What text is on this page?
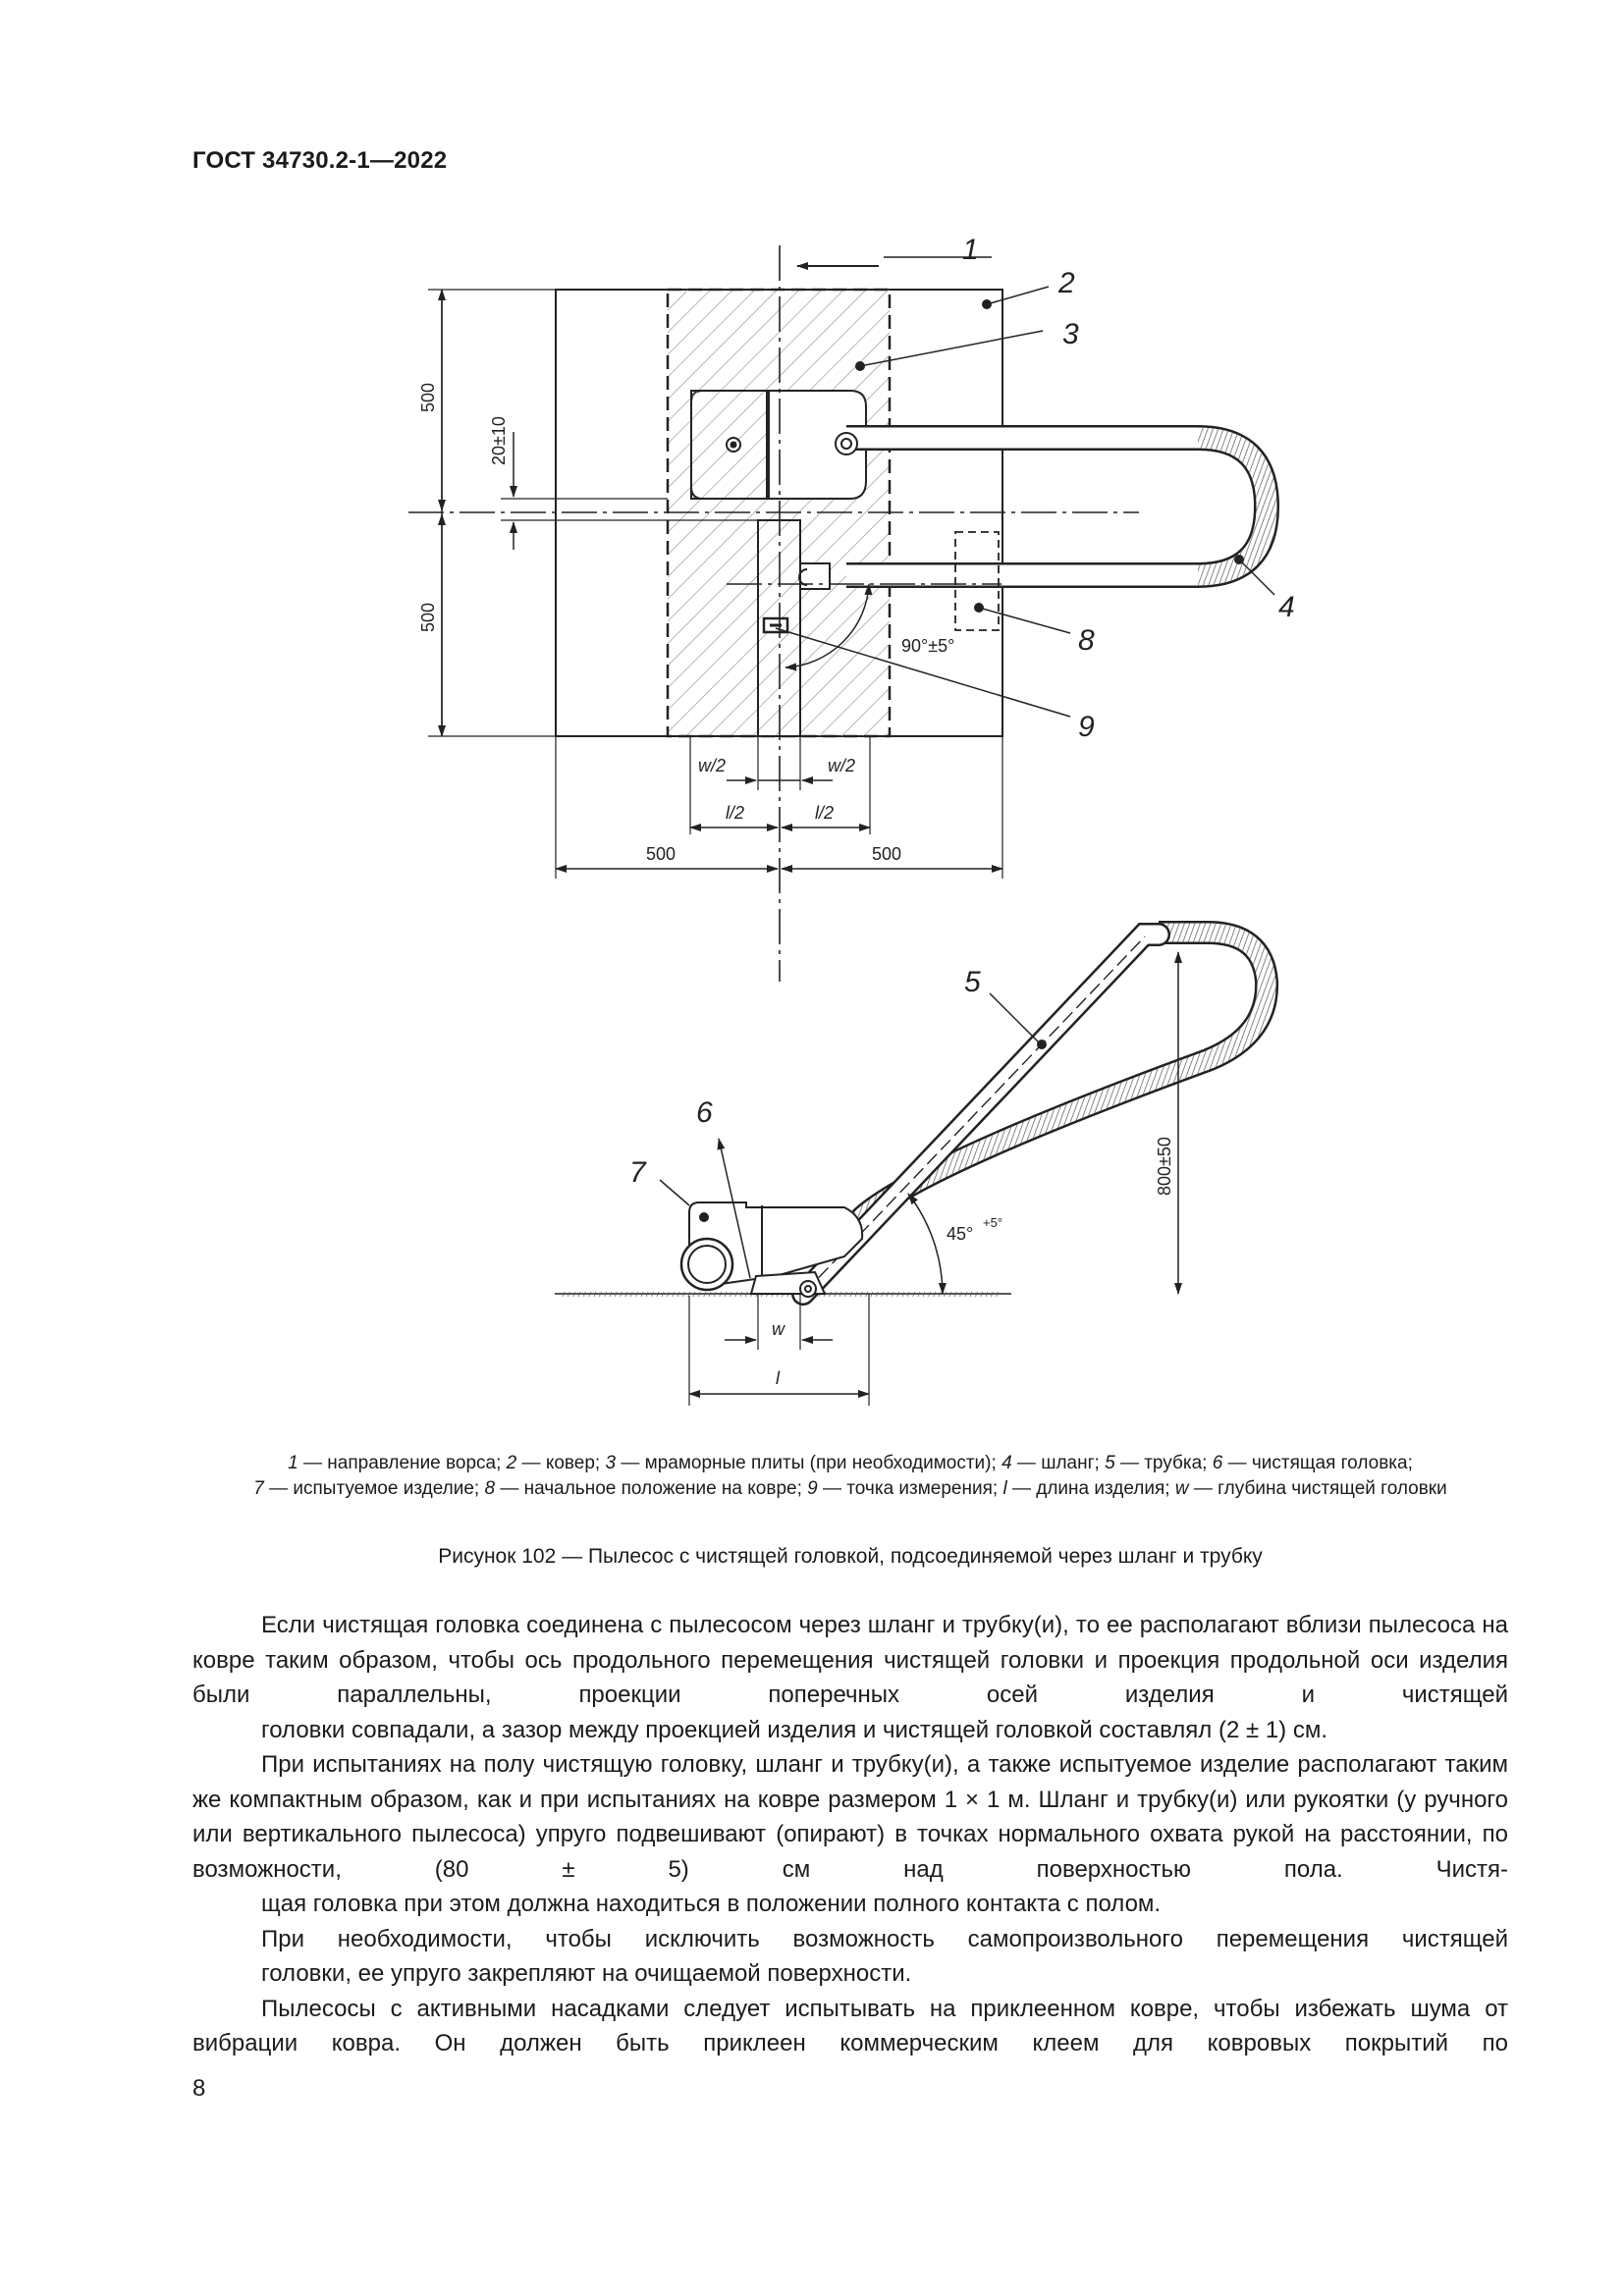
ГОСТ 34730.2-1—2022
1
2
3
4
8
9
500
500
20±10
w/2	w/2
l/2	l/2
500	500
90°±5°
5
6
7
45°
+5°
800±50
w
l
1 — направление ворса; 2 — ковер; 3 — мраморные плиты (при необходимости); 4 — шланг; 5 — трубка; 6 — чистящая головка;
7 — испытуемое изделие; 8 — начальное положение на ковре; 9 — точка измерения; l — длина изделия; w — глубина чистящей головки
Рисунок 102 — Пылесос с чистящей головкой, подсоединяемой через шланг и трубку

Если чистящая головка соединена с пылесосом через шланг и трубку(и), то ее располагают вблизи пылесоса на ковре таким образом, чтобы ось продольного перемещения чистящей головки и проекция продольной оси изделия были параллельны, проекции поперечных осей изделия и чистящей
головки совпадали, а зазор между проекцией изделия и чистящей головкой составлял (2 ± 1) см.

При испытаниях на полу чистящую головку, шланг и трубку(и), а также испытуемое изделие располагают таким же компактным образом, как и при испытаниях на ковре размером 1 × 1 м. Шланг и трубку(и) или рукоятки (у ручного или вертикального пылесоса) упруго подвешивают (опирают) в точках нормального охвата рукой на расстоянии, по возможности, (80 ± 5) см над поверхностью пола. Чистя-
щая головка при этом должна находиться в положении полного контакта с полом.

При необходимости, чтобы исключить возможность самопроизвольного перемещения чистящей
головки, ее упруго закрепляют на очищаемой поверхности.

Пылесосы с активными насадками следует испытывать на приклеенном ковре, чтобы избежать шума от вибрации ковра. Он должен быть приклеен коммерческим клеем для ковровых покрытий по

8
